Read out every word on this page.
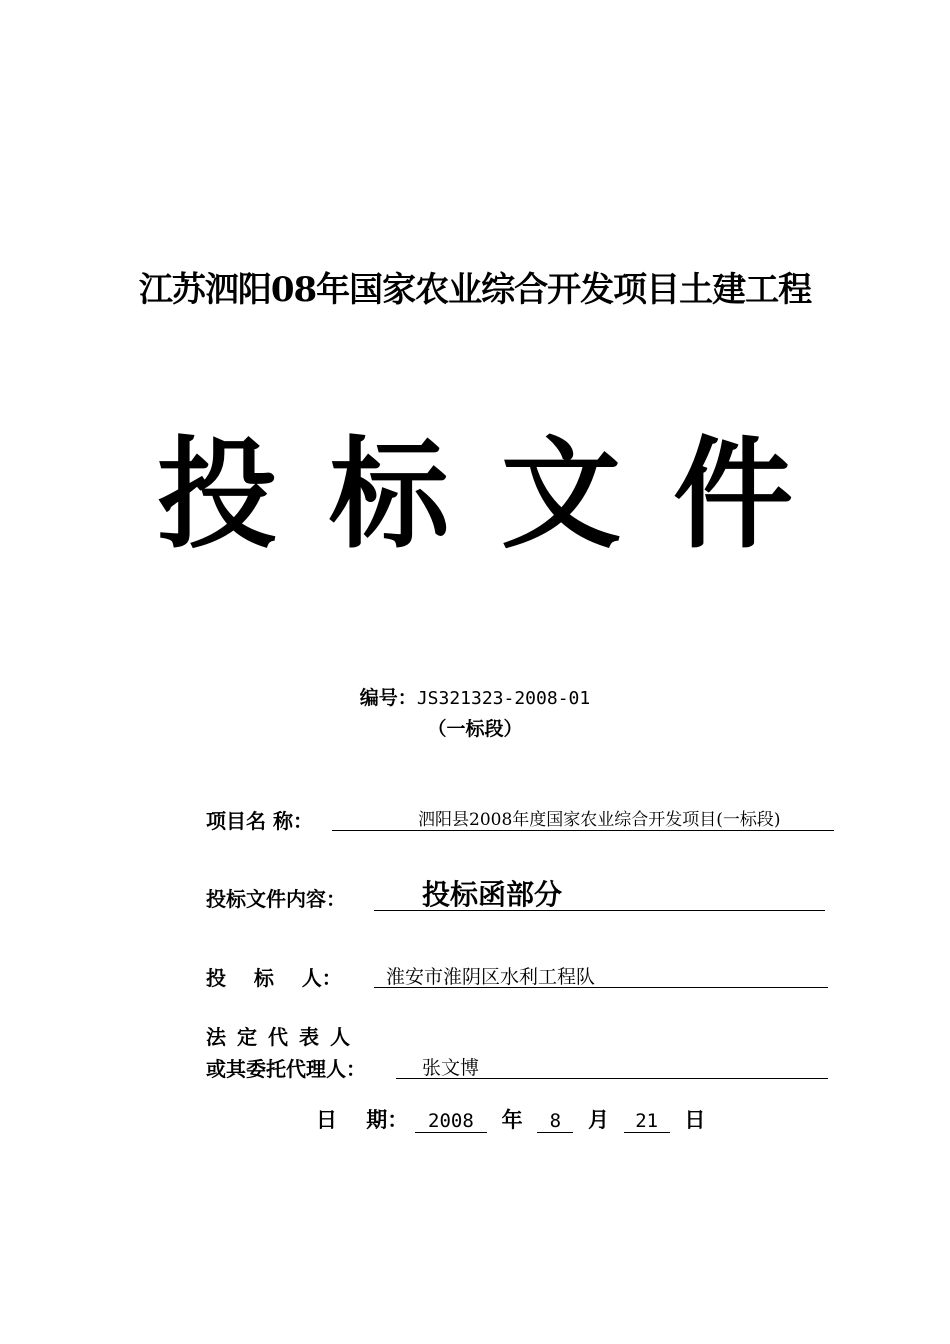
江苏泗阳08年国家农业综合开发项目土建工程
投 标 文 件
编号：JS321323-2008-01
（一标段）
项目名 称：	泗阳县2008年度国家农业综合开发项目(一标段)
投标文件内容：	投标函部分
投    标    人：	淮安市淮阴区水利工程队
法定代表人
或其委托代理人：	张文博
日    期： 2008 年 8 月 21 日
